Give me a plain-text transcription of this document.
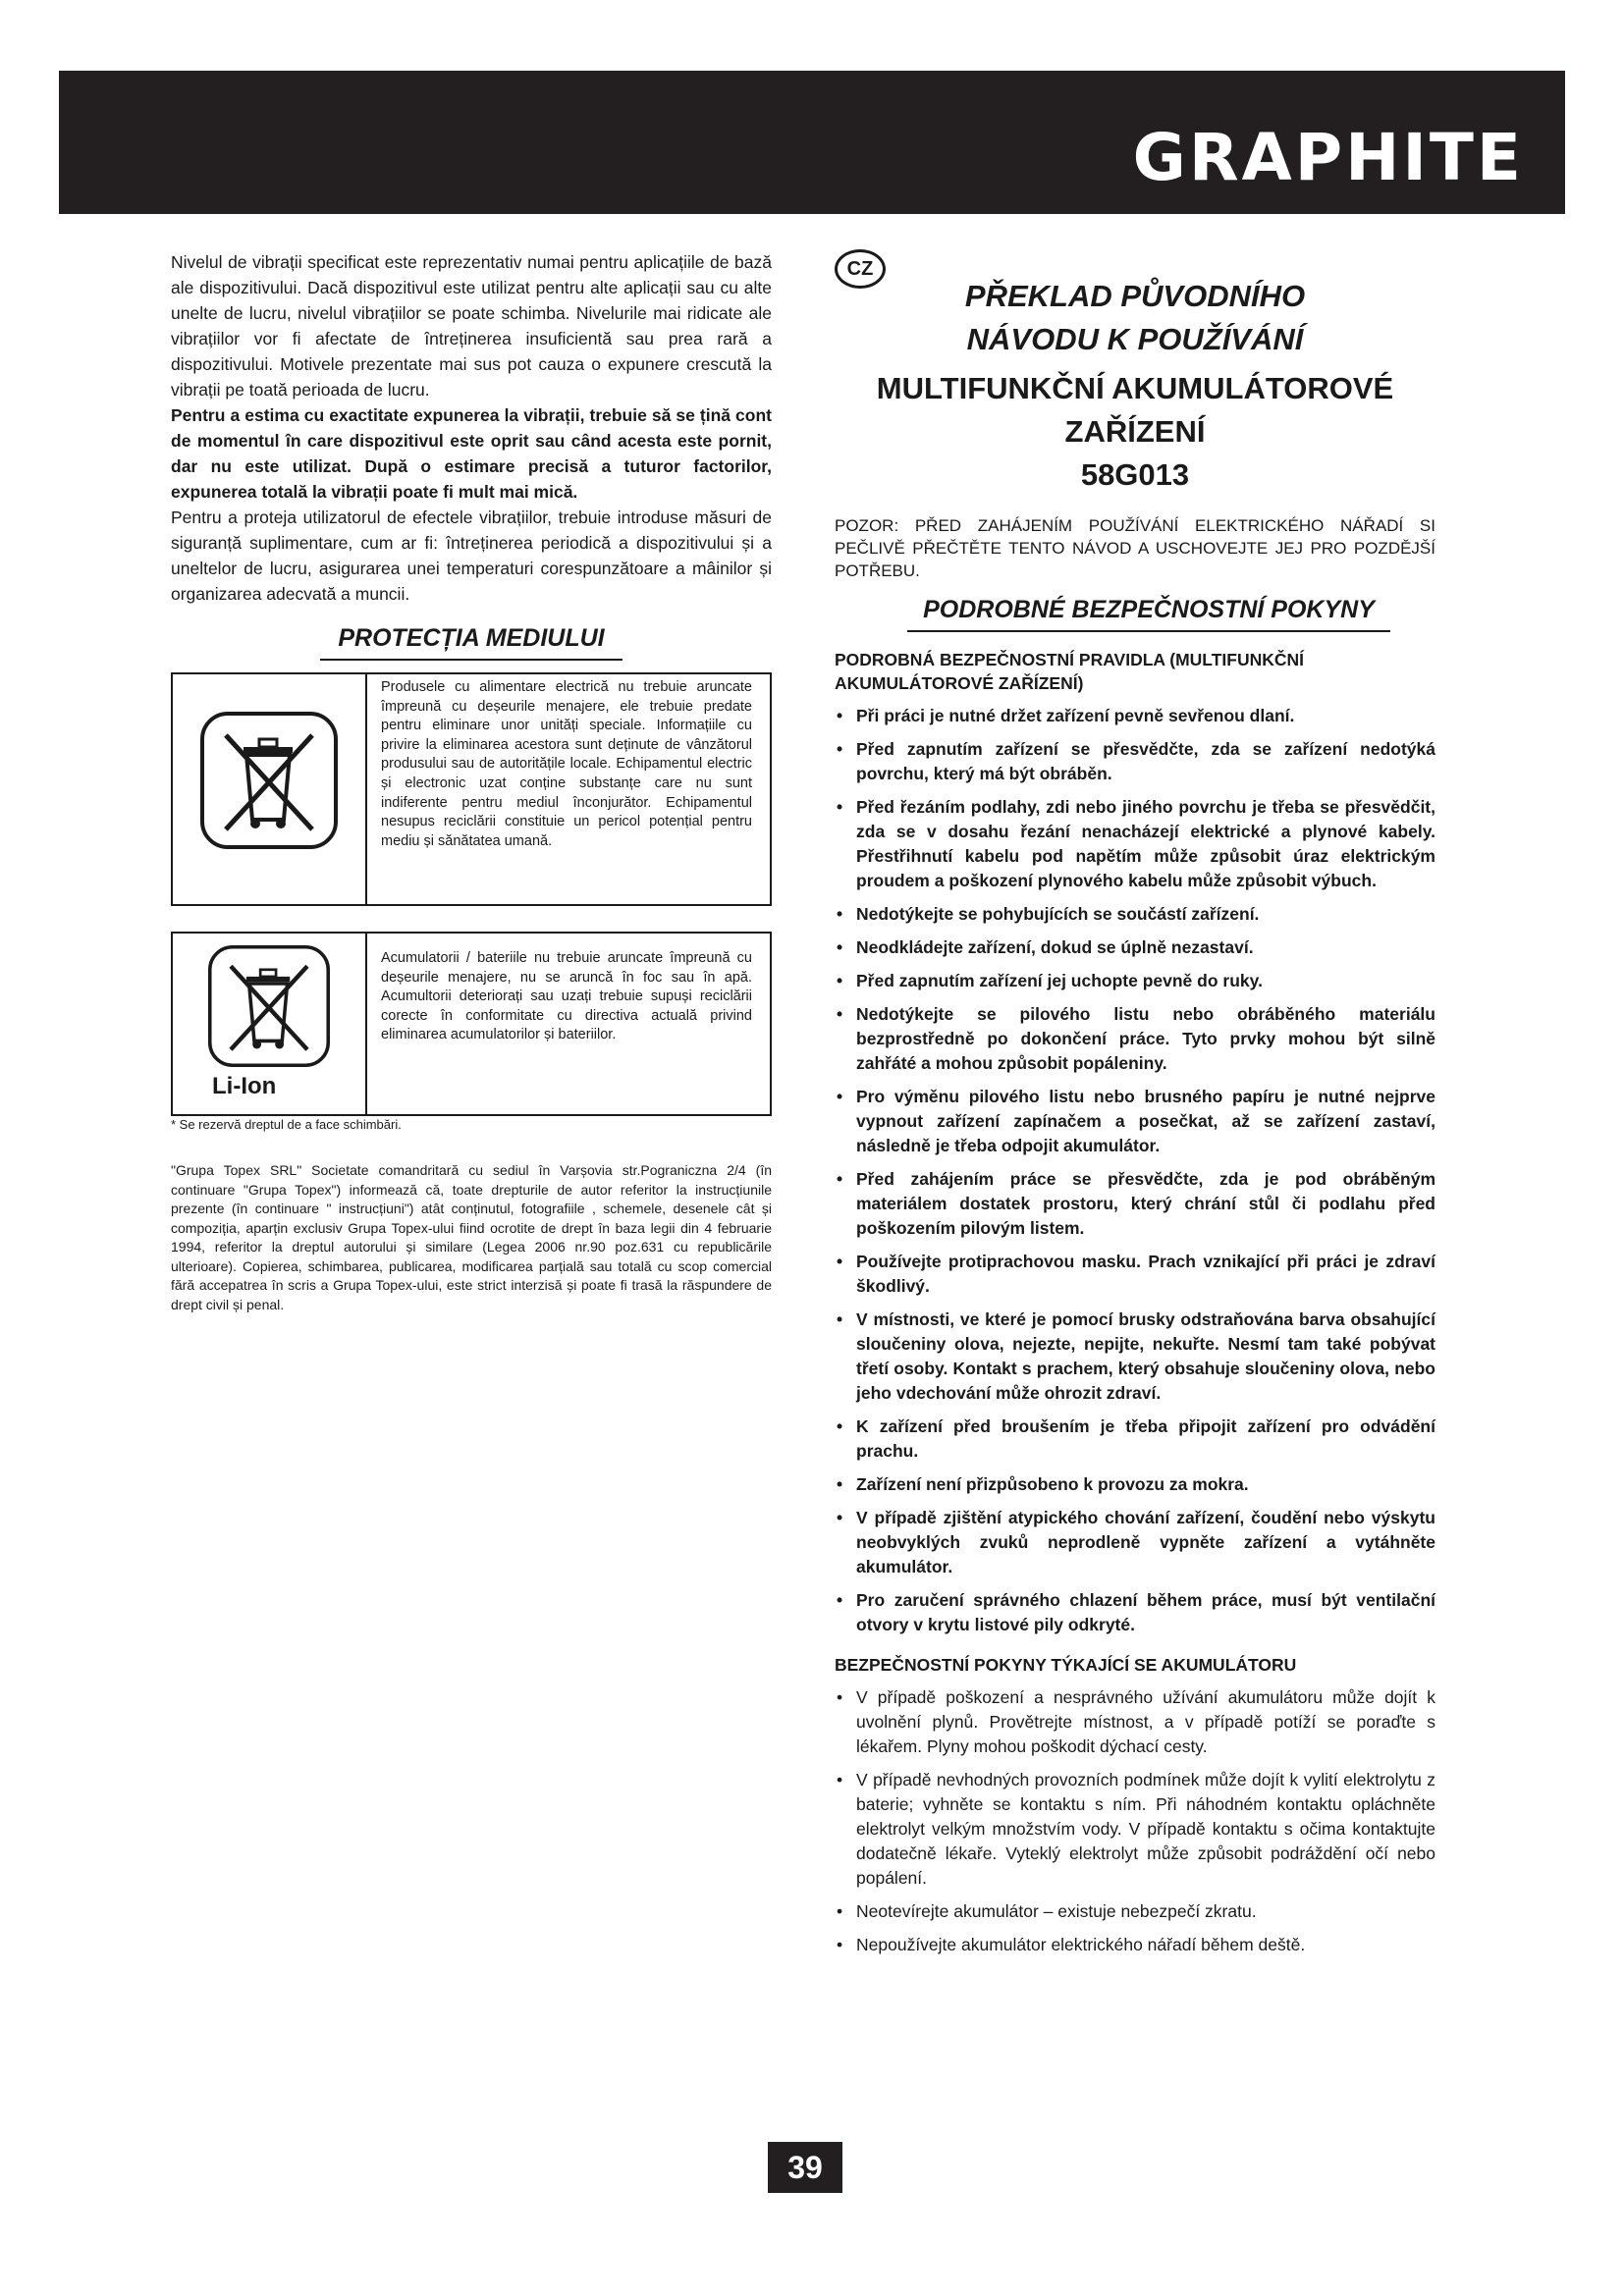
GRAPHITE

Nivelul de vibrații specificat este reprezentativ numai pentru aplicațiile de bază ale dispozitivului. Dacă dispozitivul este utilizat pentru alte aplicații sau cu alte unelte de lucru, nivelul vibrațiilor se poate schimba. Nivelurile mai ridicate ale vibrațiilor vor fi afectate de întreținerea insuficientă sau prea rară a dispozitivului. Motivele prezentate mai sus pot cauza o expunere crescută la vibrații pe toată perioada de lucru.

Pentru a estima cu exactitate expunerea la vibrații, trebuie să se țină cont de momentul în care dispozitivul este oprit sau când acesta este pornit, dar nu este utilizat. După o estimare precisă a tuturor factorilor, expunerea totală la vibrații poate fi mult mai mică.

Pentru a proteja utilizatorul de efectele vibrațiilor, trebuie introduse măsuri de siguranță suplimentare, cum ar fi: întreținerea periodică a dispozitivului și a uneltelor de lucru, asigurarea unei temperaturi corespunzătoare a mâinilor și organizarea adecvată a muncii.

PROTECȚIA MEDIULUI

Produsele cu alimentare electrică nu trebuie aruncate împreună cu deșeurile menajere, ele trebuie predate pentru eliminare unor unități speciale. Informațiile cu privire la eliminarea acestora sunt deținute de vânzătorul produsului sau de autoritățile locale. Echipamentul electric și electronic uzat conține substanțe care nu sunt indiferente pentru mediul înconjurător. Echipamentul nesupus reciclării constituie un pericol potențial pentru mediu și sănătatea umană.

Li-Ion

Acumulatorii / bateriile nu trebuie aruncate împreună cu deșeurile menajere, nu se aruncă în foc sau în apă. Acumultorii deteriorați sau uzați trebuie supuși reciclării corecte în conformitate cu directiva actuală privind eliminarea acumulatorilor și bateriilor.

* Se rezervă dreptul de a face schimbări.

"Grupa Topex SRL" Societate comandritară cu sediul în Varșovia str.Pograniczna 2/4 (în continuare "Grupa Topex") informează că, toate drepturile de autor referitor la instrucțiunile prezente (în continuare " instrucțiuni") atât conținutul, fotografiile , schemele, desenele cât și compoziția, aparțin exclusiv Grupa Topex-ului fiind ocrotite de drept în baza legii din 4 februarie 1994, referitor la dreptul autorului și similare (Legea 2006 nr.90 poz.631 cu republicările ulterioare). Copierea, schimbarea, publicarea, modificarea parțială sau totală cu scop comercial fără accepatrea în scris a Grupa Topex-ului, este strict interzisă și poate fi trasă la răspundere de drept civil și penal.

CZ
PŘEKLAD PŮVODNÍHO
NÁVODU K POUŽÍVÁNÍ
MULTIFUNKČNÍ AKUMULÁTOROVÉ
ZAŘÍZENÍ
58G013

POZOR: PŘED ZAHÁJENÍM POUŽÍVÁNÍ ELEKTRICKÉHO NÁŘADÍ SI PEČLIVĚ PŘEČTĚTE TENTO NÁVOD A USCHOVEJTE JEJ PRO POZDĚJŠÍ POTŘEBU.

PODROBNÉ BEZPEČNOSTNÍ POKYNY

PODROBNÁ BEZPEČNOSTNÍ PRAVIDLA (MULTIFUNKČNÍ AKUMULÁTOROVÉ ZAŘÍZENÍ)

• Při práci je nutné držet zařízení pevně sevřenou dlaní.
• Před zapnutím zařízení se přesvědčte, zda se zařízení nedotýká povrchu, který má být obráběn.
• Před řezáním podlahy, zdi nebo jiného povrchu je třeba se přesvědčit, zda se v dosahu řezání nenacházejí elektrické a plynové kabely. Přestřihnutí kabelu pod napětím může způsobit úraz elektrickým proudem a poškození plynového kabelu může způsobit výbuch.
• Nedotýkejte se pohybujících se součástí zařízení.
• Neodkládejte zařízení, dokud se úplně nezastaví.
• Před zapnutím zařízení jej uchopte pevně do ruky.
• Nedotýkejte se pilového listu nebo obráběného materiálu bezprostředně po dokončení práce. Tyto prvky mohou být silně zahřáté a mohou způsobit popáleniny.
• Pro výměnu pilového listu nebo brusného papíru je nutné nejprve vypnout zařízení zapínačem a posečkat, až se zařízení zastaví, následně je třeba odpojit akumulátor.
• Před zahájením práce se přesvědčte, zda je pod obráběným materiálem dostatek prostoru, který chrání stůl či podlahu před poškozením pilovým listem.
• Používejte protiprachovou masku. Prach vznikající při práci je zdraví škodlivý.
• V místnosti, ve které je pomocí brusky odstraňována barva obsahující sloučeniny olova, nejezte, nepijte, nekuřte. Nesmí tam také pobývat třetí osoby. Kontakt s prachem, který obsahuje sloučeniny olova, nebo jeho vdechování může ohrozit zdraví.
• K zařízení před broušením je třeba připojit zařízení pro odvádění prachu.
• Zařízení není přizpůsobeno k provozu za mokra.
• V případě zjištění atypického chování zařízení, čoudění nebo výskytu neobvyklých zvuků neprodleně vypněte zařízení a vytáhněte akumulátor.
• Pro zaručení správného chlazení během práce, musí být ventilační otvory v krytu listové pily odkryté.

BEZPEČNOSTNÍ POKYNY TÝKAJÍCÍ SE AKUMULÁTORU

• V případě poškození a nesprávného užívání akumulátoru může dojít k uvolnění plynů. Provětrejte místnost, a v případě potíží se poraďte s lékařem. Plyny mohou poškodit dýchací cesty.
• V případě nevhodných provozních podmínek může dojít k vylití elektrolytu z baterie; vyhněte se kontaktu s ním. Při náhodném kontaktu opláchněte elektrolyt velkým množstvím vody. V případě kontaktu s očima kontaktujte dodatečně lékaře. Vyteklý elektrolyt může způsobit podráždění očí nebo popálení.
• Neotevírejte akumulátor – existuje nebezpečí zkratu.
• Nepoužívejte akumulátor elektrického nářadí během deště.
39
